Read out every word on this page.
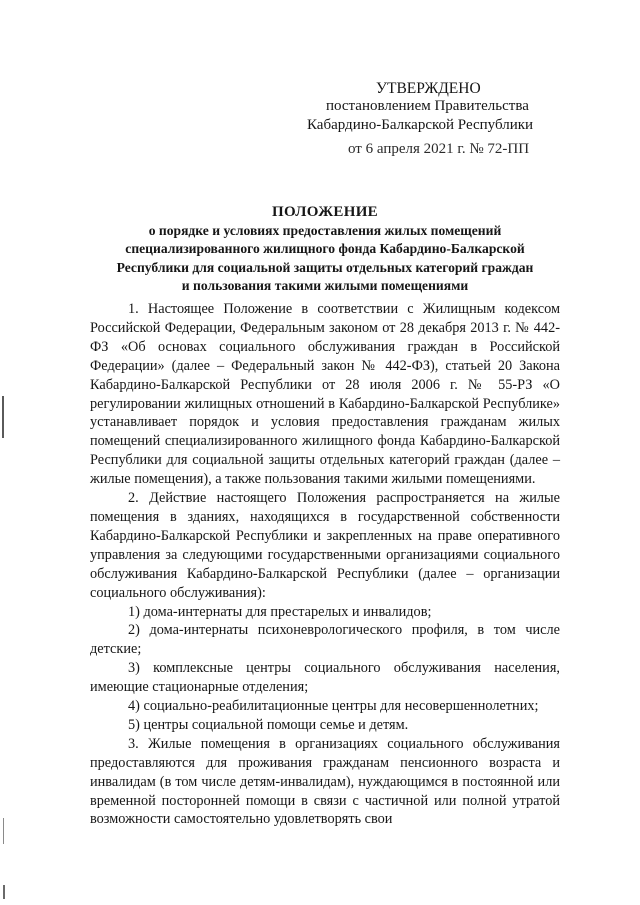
УТВЕРЖДЕНО
постановлением Правительства
Кабардино-Балкарской Республики
от 6 апреля 2021 г. № 72-ПП
ПОЛОЖЕНИЕ
о порядке и условиях предоставления жилых помещений
специализированного жилищного фонда Кабардино-Балкарской
Республики для социальной защиты отдельных категорий граждан
и пользования такими жилыми помещениями

1. Настоящее Положение в соответствии с Жилищным кодексом Российской Федерации, Федеральным законом от 28 декабря 2013 г. № 442-ФЗ «Об основах социального обслуживания граждан в Российской Федерации» (далее – Федеральный закон № 442-ФЗ), статьей 20 Закона Кабардино-Балкарской Республики от 28 июля 2006 г. № 55-РЗ «О регулировании жилищных отношений в Кабардино-Балкарской Республике» устанавливает порядок и условия предоставления гражданам жилых помещений специализированного жилищного фонда Кабардино-Балкарской Республики для социальной защиты отдельных категорий граждан (далее – жилые помещения), а также пользования такими жилыми помещениями.

2. Действие настоящего Положения распространяется на жилые помещения в зданиях, находящихся в государственной собственности Кабардино-Балкарской Республики и закрепленных на праве оперативного управления за следующими государственными организациями социального обслуживания Кабардино-Балкарской Республики (далее – организации социального обслуживания):

1) дома-интернаты для престарелых и инвалидов;

2) дома-интернаты психоневрологического профиля, в том числе детские;

3) комплексные центры социального обслуживания населения, имеющие стационарные отделения;

4) социально-реабилитационные центры для несовершеннолетних;

5) центры социальной помощи семье и детям.

3. Жилые помещения в организациях социального обслуживания предоставляются для проживания гражданам пенсионного возраста и инвалидам (в том числе детям-инвалидам), нуждающимся в постоянной или временной посторонней помощи в связи с частичной или полной утратой возможности самостоятельно удовлетворять свои
